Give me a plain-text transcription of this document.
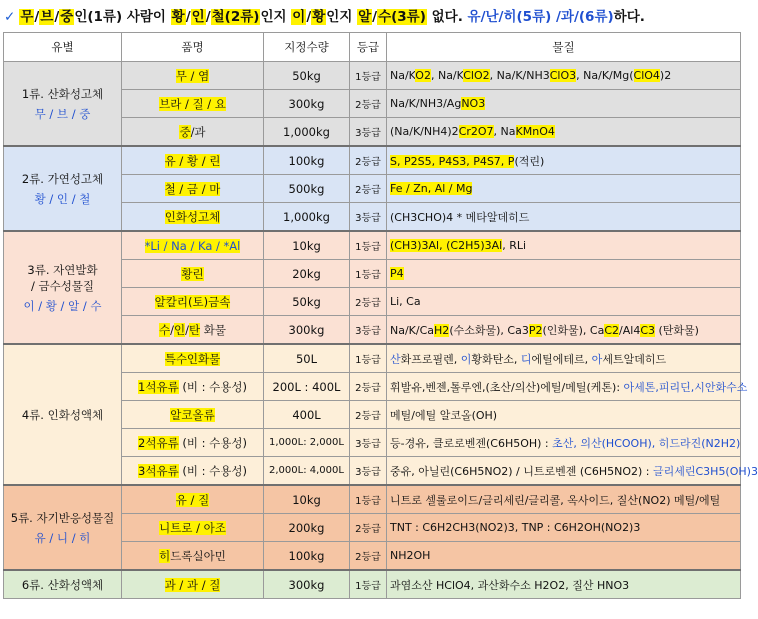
✓ 무/브/중인(1류) 사람이 황/인/철(2류)인지 이/황인지 알/수(3류) 없다. 유/난/히(5류) /과/(6류)하다.
유별	품명	지정수량	등급	물질

1류. 산화성고체
무 / 브 / 중	무 / 염	50kg	1등급	Na/KO2, Na/KClO2, Na/K/NH3ClO3, Na/K/Mg(ClO4)2
	브라 / 질 / 요	300kg	2등급	Na/K/NH3/AgNO3
	중/과	1,000kg	3등급	(Na/K/NH4)2Cr2O7, NaKMnO4

2류. 가연성고체
황 / 인 / 철	유 / 황 / 린	100kg	2등급	S, P2S5, P4S3, P4S7, P(적린)
	철 / 금 / 마	500kg	2등급	Fe / Zn, Al / Mg
	인화성고체	1,000kg	3등급	(CH3CHO)4 * 메타알데히드

3류. 자연발화
/ 금수성물질
이 / 황 / 알 / 수	*Li / Na / Ka / *Al	10kg	1등급	(CH3)3Al, (C2H5)3Al, RLi
	황린	20kg	1등급	P4
	알칼리(토)금속	50kg	2등급	Li, Ca
	수/인/탄 화물	300kg	3등급	Na/K/CaH2(수소화물), Ca3P2(인화물), CaC2/Al4C3 (탄화물)

4류. 인화성액체	특수인화물	50L	1등급	산화프로필렌, 이황화탄소, 디에틸에테르, 아세트알데히드
	1석유류 (비 : 수용성)	200L : 400L	2등급	휘발유,벤젠,톨루엔,(초산/의산)에틸/메틸(케톤): 아세톤,피리딘,시안화수소
	알코올류	400L	2등급	메틸/에틸 알코올(OH)
	2석유류 (비 : 수용성)	1,000L: 2,000L	3등급	등-경유, 클로로벤젠(C6H5OH) : 초산, 의산(HCOOH), 히드라진(N2H2)
	3석유류 (비 : 수용성)	2,000L: 4,000L	3등급	중유, 아닐린(C6H5NO2) / 니트로벤젠 (C6H5NO2) : 글리세린C3H5(OH)3

5류. 자기반응성물질
유 / 니 / 히	유 / 질	10kg	1등급	니트로 셀룰로이드/글리세린/글리콜, 옥사이드, 질산(NO2) 메틸/에틸
	니트로 / 아조	200kg	2등급	TNT : C6H2CH3(NO2)3, TNP : C6H2OH(NO2)3
	히드록실아민	100kg	2등급	NH2OH

6류. 산화성액체	과 / 과 / 질	300kg	1등급	과염소산 HClO4, 과산화수소 H2O2, 질산 HNO3
